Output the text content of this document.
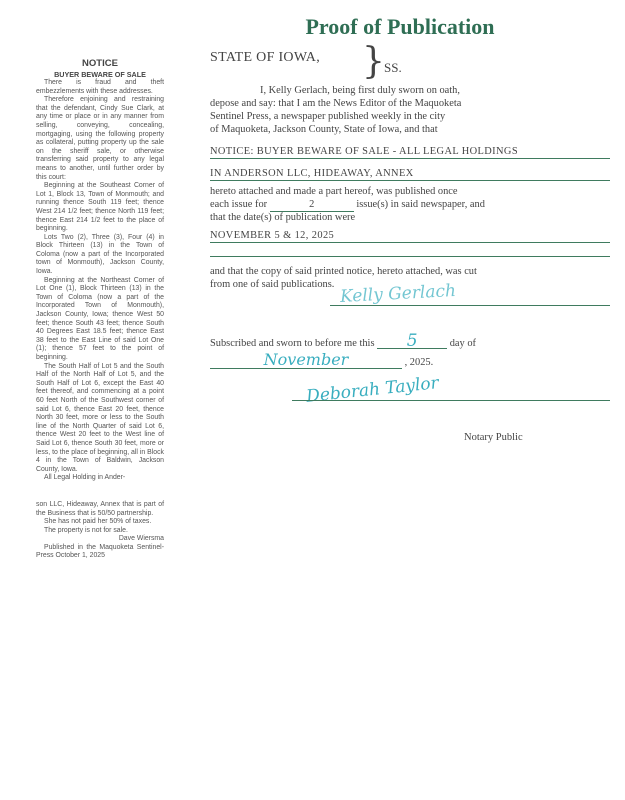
Proof of Publication
NOTICE
BUYER BEWARE OF SALE

There is fraud and theft embezzlements with these addresses.

Therefore enjoining and restraining that the defendant, Cindy Sue Clark, at any time or place or in any manner from selling, conveying, concealing, mortgaging, using the following property as collateral, putting property up the sale on the sheriff sale, or otherwise transferring said property to any legal means to another, until further order by this court:

Beginning at the Southeast Corner of Lot 1, Block 13, Town of Monmouth; and running thence South 119 feet; thence West 214 1/2 feet; thence North 119 feet; thence East 214 1/2 feet to the place of beginning.

Lots Two (2), Three (3), Four (4) in Block Thirteen (13) in the Town of Coloma (now a part of the Incorporated town of Monmouth), Jackson County, Iowa.

Beginning at the Northeast Corner of Lot One (1), Block Thirteen (13) in the Town of Coloma (now a part of the Incorporated Town of Monmouth), Jackson County, Iowa; thence West 50 feet; thence South 43 feet; thence South 40 Degrees East 18.5 feet; thence East 38 feet to the East Line of said Lot One (1); thence 57 feet to the point of beginning.

The South Half of Lot 5 and the South Half of the North Half of Lot 5, and the South Half of Lot 6, except the East 40 feet thereof, and commencing at a point 60 feet North of the Southwest corner of said Lot 6, thence East 20 feet, thence North 30 feet, more or less to the South line of the North Quarter of said Lot 6, thence West 20 feet to the West line of Said Lot 6, thence South 30 feet, more or less, to the place of beginning, all in Block 4 in the Town of Baldwin, Jackson County, Iowa.

All Legal Holding in Ander-

son LLC, Hideaway, Annex that is part of the Business that is 50/50 partnership.

She has not paid her 50% of taxes.

The property is not for sale.

Dave Wiersma

Published in the Maquoketa Sentinel-Press October 1, 2025

STATE OF IOWA, } SS.
I, Kelly Gerlach, being first duly sworn on oath,
depose and say: that I am the News Editor of the Maquoketa
Sentinel Press, a newspaper published weekly in the city
of Maquoketa, Jackson County, State of Iowa, and that
NOTICE: BUYER BEWARE OF SALE - ALL LEGAL HOLDINGS
IN ANDERSON LLC, HIDEAWAY, ANNEX
hereto attached and made a part hereof, was published once
each issue for	2	issue(s) in said newspaper, and
that the date(s) of publication were
NOVEMBER 5 & 12, 2025
and that the copy of said printed notice, hereto attached, was cut
from one of said publications. Kelly Gerlach
Subscribed and sworn to before me this 5	day of
November	, 2025.
Deborah Taylor
Notary Public
